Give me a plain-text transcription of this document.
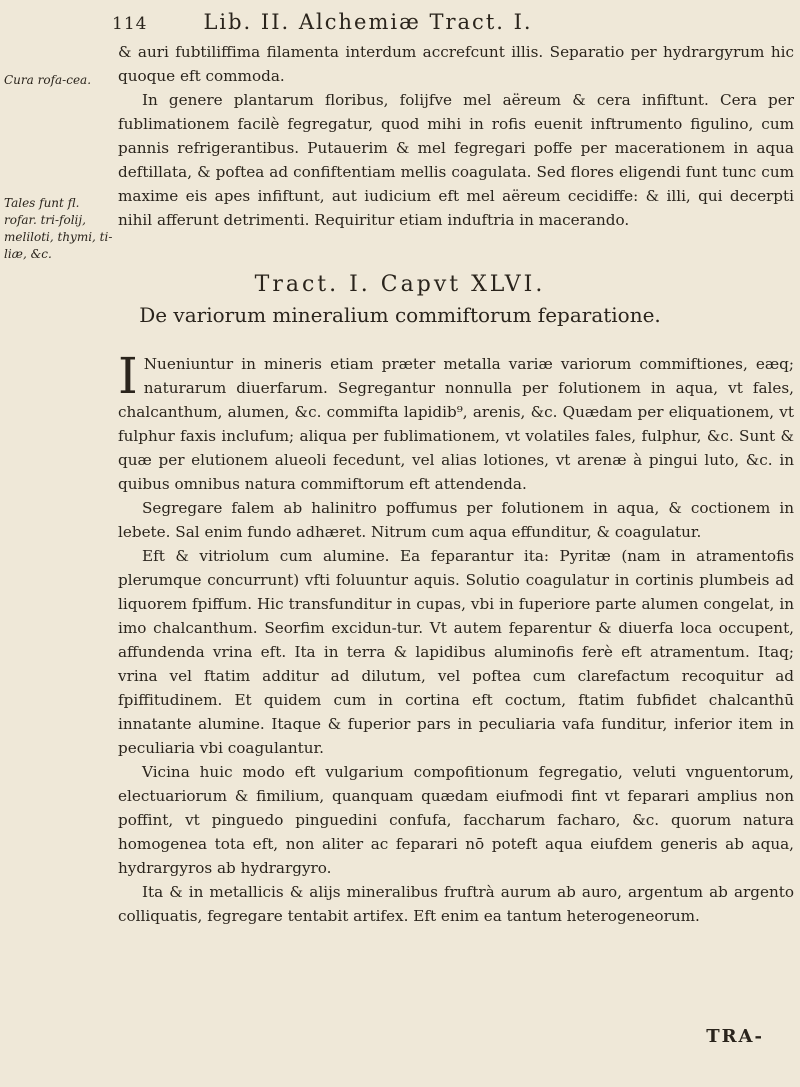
114	Lib. II. Alchemiæ Tract. I.
Cura rofa-cea.
Tales funt fl. rofar. tri-folij, meliloti, thymi, ti-liæ, &c.

& auri fubtiliffima filamenta interdum accrefcunt illis. Separatio per hydrargyrum hic quoque eft commoda.

In genere plantarum floribus, folijfve mel aëreum & cera infiftunt. Cera per fublimationem facilè fegregatur, quod mihi in rofis euenit inftrumento figulino, cum pannis refrigerantibus. Putauerim & mel fegregari poffe per macerationem in aqua deftillata, & poftea ad confiftentiam mellis coagulata. Sed flores eligendi funt tunc cum maxime eis apes infiftunt, aut iudicium eft mel aëreum cecidiffe: & illi, qui decerpti nihil afferunt detrimenti. Requiritur etiam induftria in macerando.

Tract. I. Capvt XLVI.
De variorum mineralium commiftorum feparatione.

I Nueniuntur in mineris etiam præter metalla variæ variorum commiftiones, eæq; naturarum diuerfarum. Segregantur nonnulla per folutionem in aqua, vt fales, chalcanthum, alumen, &c. commifta lapidib⁹, arenis, &c. Quædam per eliquationem, vt fulphur faxis inclufum; aliqua per fublimationem, vt volatiles fales, fulphur, &c. Sunt & quæ per elutionem alueoli fecedunt, vel alias lotiones, vt arenæ à pingui luto, &c. in quibus omnibus natura commiftorum eft attendenda.

Segregare falem ab halinitro poffumus per folutionem in aqua, & coctionem in lebete. Sal enim fundo adhæret. Nitrum cum aqua effunditur, & coagulatur.

Eft & vitriolum cum alumine. Ea feparantur ita: Pyritæ (nam in atramentofis plerumque concurrunt) vfti foluuntur aquis. Solutio coagulatur in cortinis plumbeis ad liquorem fpiffum. Hic transfunditur in cupas, vbi in fuperiore parte alumen congelat, in imo chalcanthum. Seorfim excidun-tur. Vt autem feparentur & diuerfa loca occupent, affundenda vrina eft. Ita in terra & lapidibus aluminofis ferè eft atramentum. Itaq; vrina vel ftatim additur ad dilutum, vel poftea cum clarefactum recoquitur ad fpiffitudinem. Et quidem cum in cortina eft coctum, ftatim fubfidet chalcanthū innatante alumine. Itaque & fuperior pars in peculiaria vafa funditur, inferior item in peculiaria vbi coagulantur.

Vicina huic modo eft vulgarium compofitionum fegregatio, veluti vnguentorum, electuariorum & fimilium, quanquam quædam eiufmodi fint vt feparari amplius non poffint, vt pinguedo pinguedini confufa, faccharum facharo, &c. quorum natura homogenea tota eft, non aliter ac feparari nō poteft aqua eiufdem generis ab aqua, hydrargyros ab hydrargyro.

Ita & in metallicis & alijs mineralibus fruftrà aurum ab auro, argentum ab argento colliquatis, fegregare tentabit artifex. Eft enim ea tantum heterogeneorum.

TRA-
